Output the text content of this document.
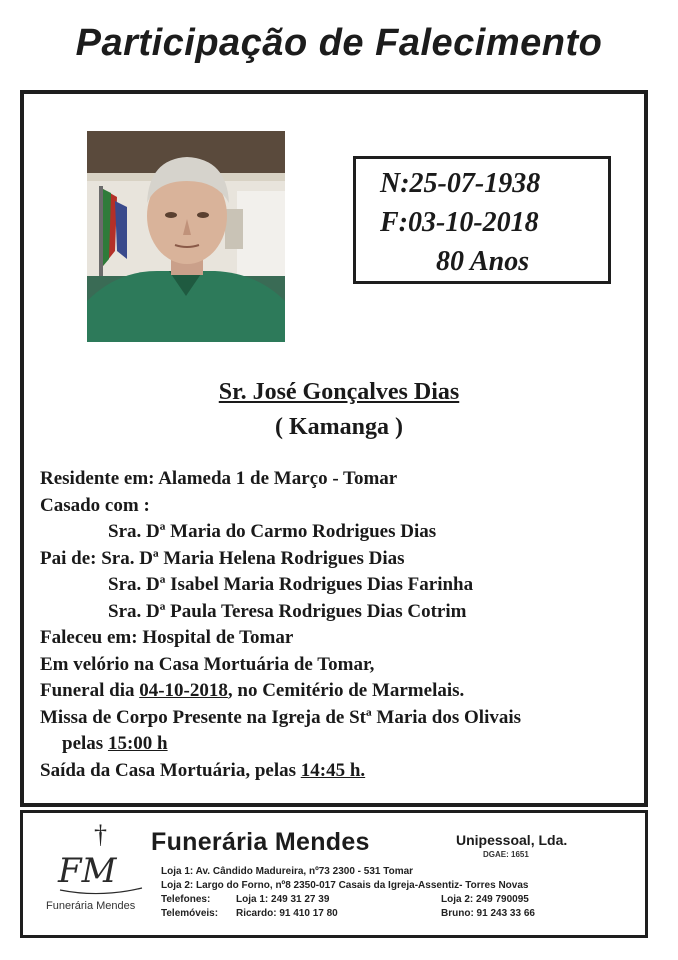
Participação de Falecimento
N:25-07-1938
F:03-10-2018
80 Anos
Sr. José Gonçalves Dias
( Kamanga )
Residente em: Alameda 1 de Março - Tomar
Casado com :
Sra. Dª Maria do Carmo Rodrigues Dias
Pai de: Sra. Dª Maria Helena Rodrigues Dias
Sra. Dª Isabel Maria Rodrigues Dias Farinha
Sra. Dª Paula Teresa Rodrigues Dias Cotrim
Faleceu em: Hospital de Tomar
Em velório na Casa Mortuária de Tomar,
Funeral dia 04-10-2018, no Cemitério de Marmelais.
Missa de Corpo Presente na Igreja de Stª Maria dos Olivais
pelas 15:00 h
Saída da Casa Mortuária, pelas 14:45 h.
†
FM
Funerária Mendes
Funerária Mendes	Unipessoal, Lda.
DGAE: 1651
Loja 1: Av. Cândido Madureira, nº73 2300 - 531 Tomar
Loja 2: Largo do Forno, nº8 2350-017 Casais da Igreja-Assentiz- Torres Novas
Telefones:	Loja 1: 249 31 27 39	Loja 2: 249 790095
Telemóveis: Ricardo: 91 410 17 80	Bruno: 91 243 33 66
